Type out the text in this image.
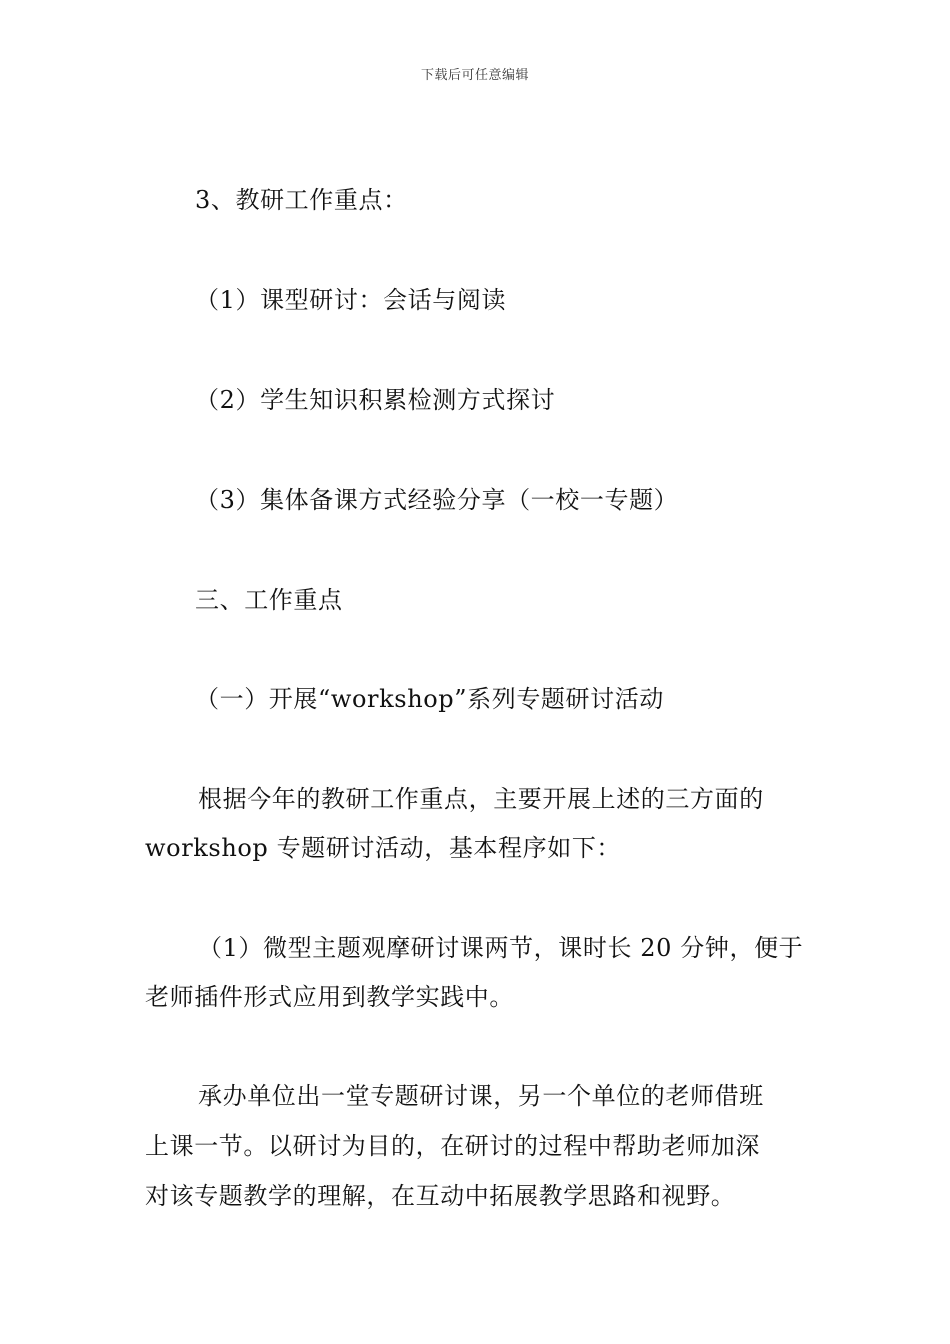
下载后可任意编辑
3、教研工作重点：
（1）课型研讨：会话与阅读
（2）学生知识积累检测方式探讨
（3）集体备课方式经验分享（一校一专题）
三、工作重点
（一）开展“workshop”系列专题研讨活动
根据今年的教研工作重点，主要开展上述的三方面的
workshop 专题研讨活动，基本程序如下：
（1）微型主题观摩研讨课两节，课时长 20 分钟，便于
老师插件形式应用到教学实践中。
承办单位出一堂专题研讨课，另一个单位的老师借班
上课一节。以研讨为目的，在研讨的过程中帮助老师加深
对该专题教学的理解，在互动中拓展教学思路和视野。
